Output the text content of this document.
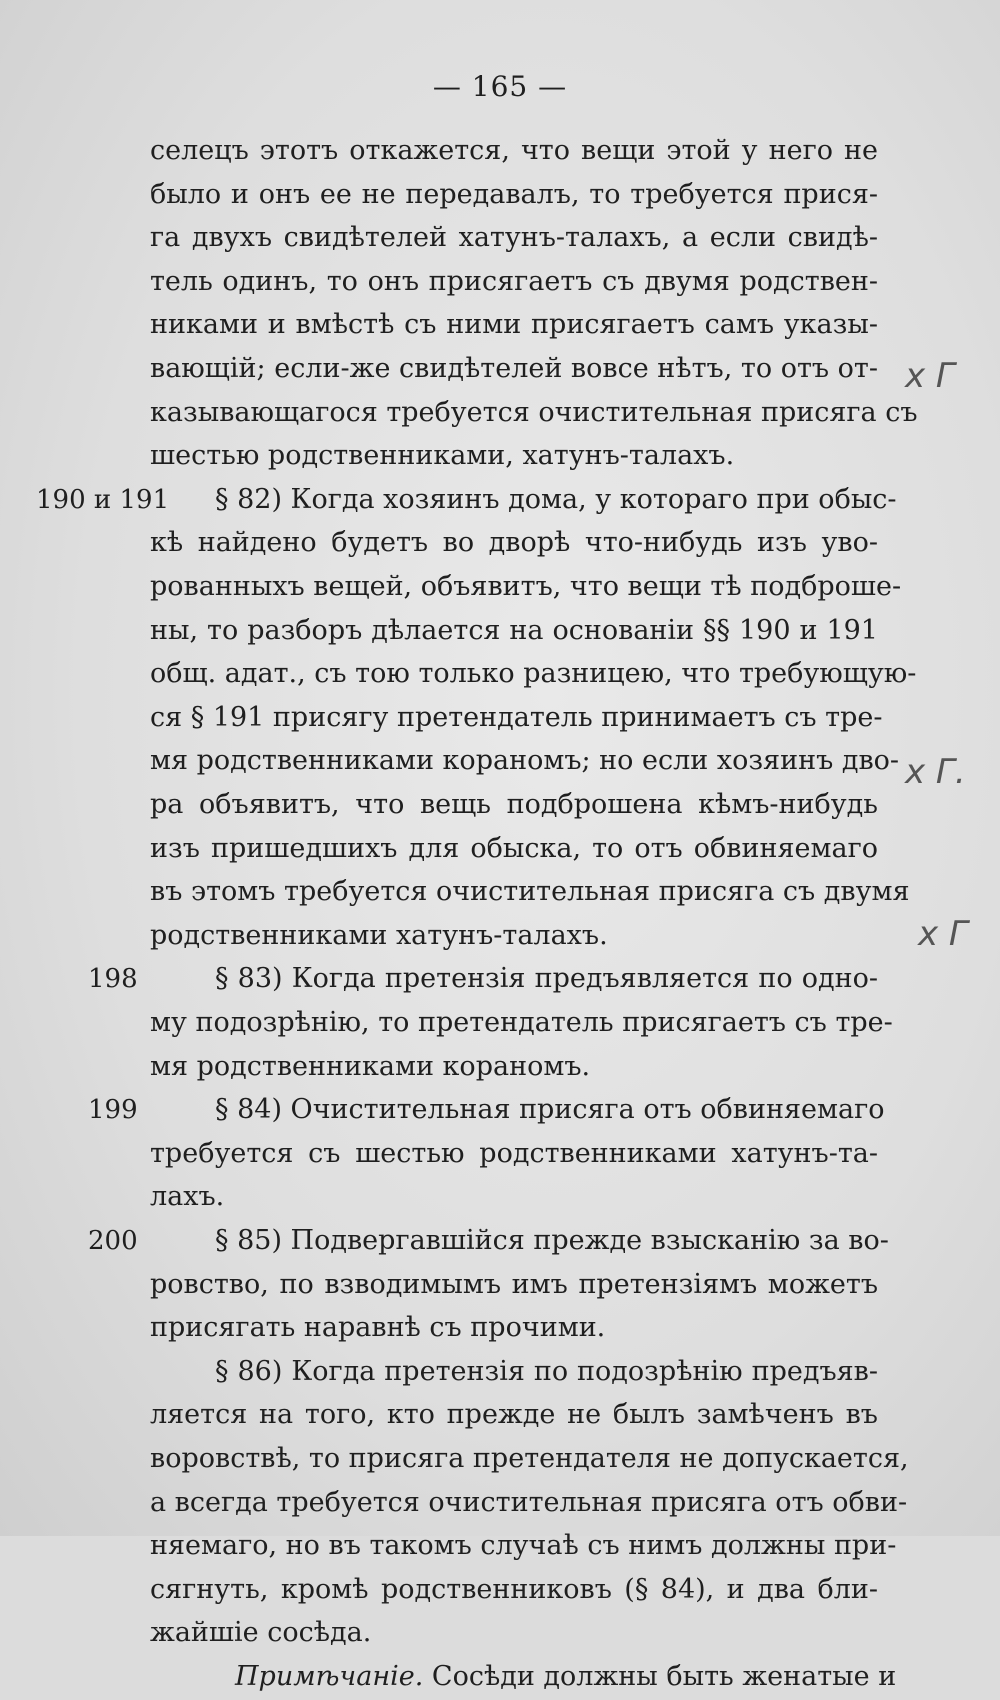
— 165 —
x Г
x Г.
x Г
селецъ этотъ откажется, что вещи этой у него не
было и онъ ее не передавалъ, то требуется прися-
га двухъ свидѣтелей хатунъ-талахъ, а если свидѣ-
тель одинъ, то онъ присягаетъ съ двумя родствен-
никами и вмѣстѣ съ ними присягаетъ самъ указы-
вающій; если-же свидѣтелей вовсе нѣтъ, то отъ от-
казывающагося требуется очистительная присяга съ
шестью родственниками, хатунъ-талахъ.
§ 82) Когда хозяинъ дома, у котораго при обыс-
190 и 191
кѣ найдено будетъ во дворѣ что-нибудь изъ уво-
рованныхъ вещей, объявитъ, что вещи тѣ подброше-
ны, то разборъ дѣлается на основаніи §§ 190 и 191
общ. адат., съ тою только разницею, что требующую-
ся § 191 присягу претендатель принимаетъ съ тре-
мя родственниками кораномъ; но если хозяинъ дво-
ра объявитъ, что вещь подброшена кѣмъ-нибудь
изъ пришедшихъ для обыска, то отъ обвиняемаго
въ этомъ требуется очистительная присяга съ двумя
родственниками хатунъ-талахъ.
§ 83) Когда претензія предъявляется по одно-
198
му подозрѣнію, то претендатель присягаетъ съ тре-
мя родственниками кораномъ.
§ 84) Очистительная присяга отъ обвиняемаго
199
требуется съ шестью родственниками хатунъ-та-
лахъ.
§ 85) Подвергавшійся прежде взысканію за во-
200
ровство, по взводимымъ имъ претензіямъ можетъ
присягать наравнѣ съ прочими.
§ 86) Когда претензія по подозрѣнію предъяв-
ляется на того, кто прежде не былъ замѣченъ въ
воровствѣ, то присяга претендателя не допускается,
а всегда требуется очистительная присяга отъ обви-
няемаго, но въ такомъ случаѣ съ нимъ должны при-
сягнуть, кромѣ родственниковъ (§ 84), и два бли-
жайшіе сосѣда.
Примѣчаніе. Сосѣди должны быть женатые и
